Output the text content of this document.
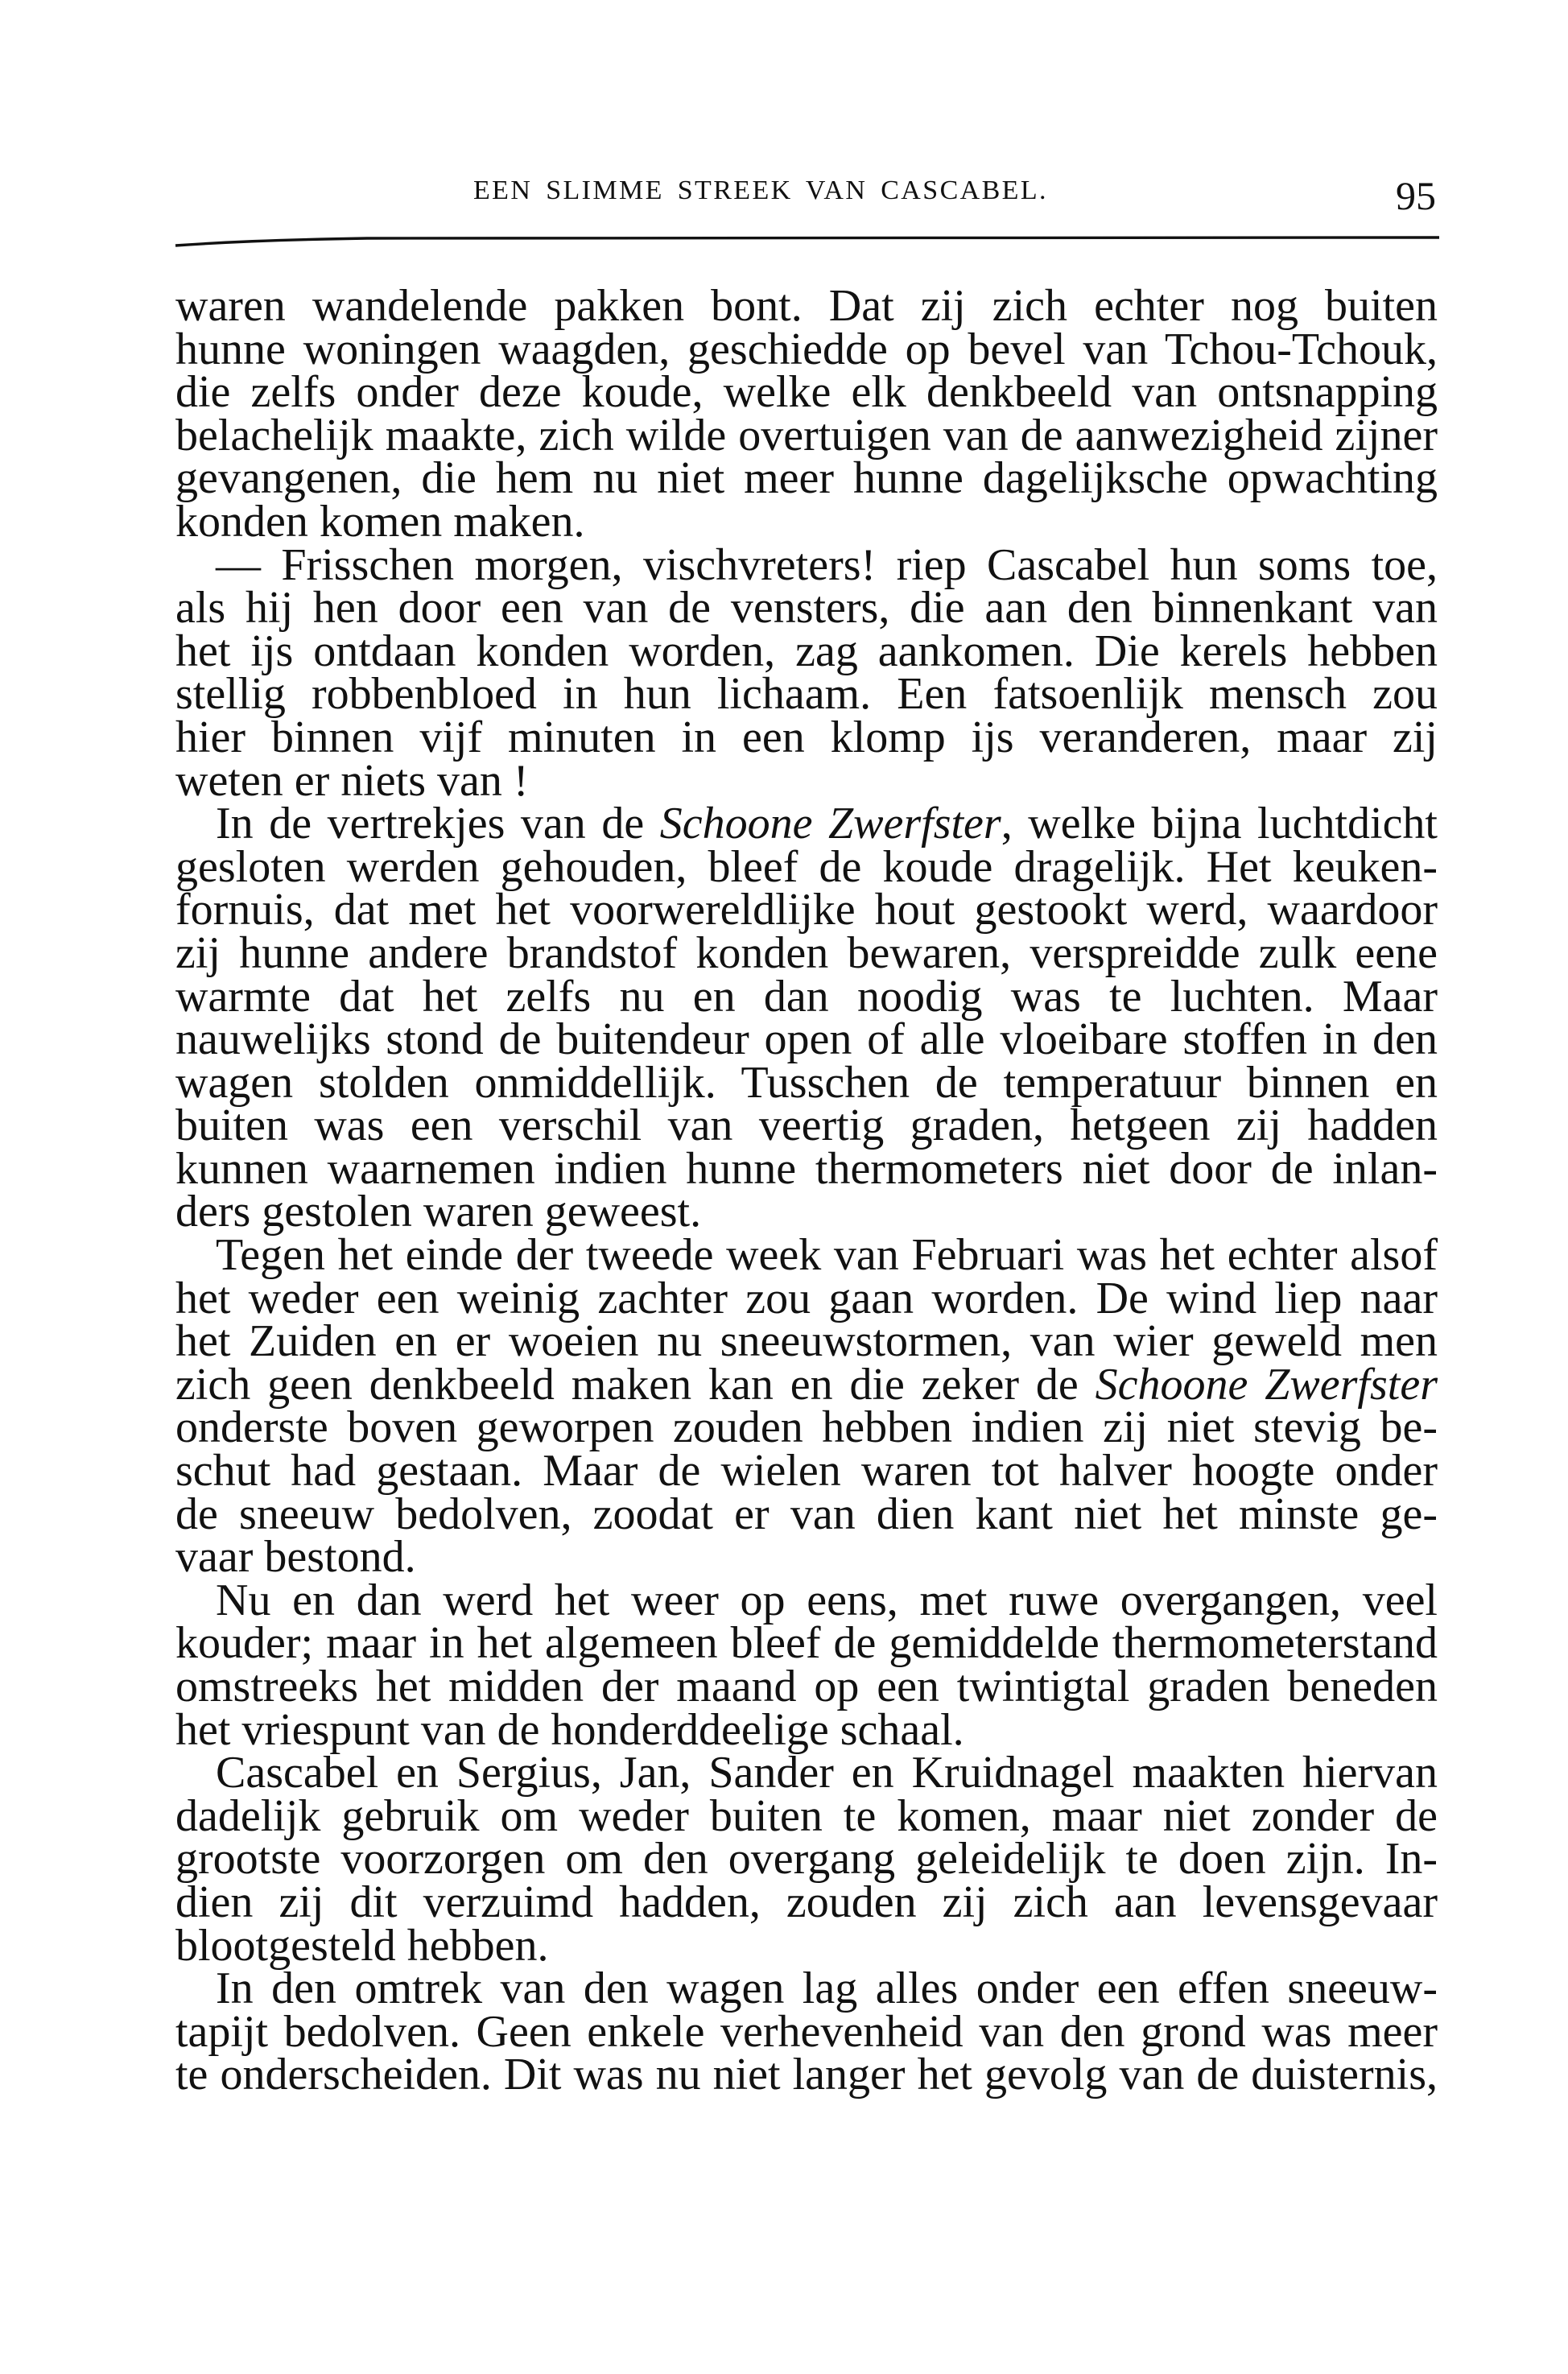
EEN SLIMME STREEK VAN CASCABEL.	95
waren wandelende pakken bont. Dat zij zich echter nog buiten
hunne woningen waagden, geschiedde op bevel van Tchou-Tchouk,
die zelfs onder deze koude, welke elk denkbeeld van ontsnapping
belachelijk maakte, zich wilde overtuigen van de aanwezigheid zijner
gevangenen, die hem nu niet meer hunne dagelijksche opwachting
konden komen maken.
— Frisschen morgen, vischvreters! riep Cascabel hun soms toe,
als hij hen door een van de vensters, die aan den binnenkant van
het ijs ontdaan konden worden, zag aankomen. Die kerels hebben
stellig robbenbloed in hun lichaam. Een fatsoenlijk mensch zou
hier binnen vijf minuten in een klomp ijs veranderen, maar zij
weten er niets van !
In de vertrekjes van de Schoone Zwerfster, welke bijna luchtdicht
gesloten werden gehouden, bleef de koude dragelijk. Het keuken-
fornuis, dat met het voorwereldlijke hout gestookt werd, waardoor
zij hunne andere brandstof konden bewaren, verspreidde zulk eene
warmte dat het zelfs nu en dan noodig was te luchten. Maar
nauwelijks stond de buitendeur open of alle vloeibare stoffen in den
wagen stolden onmiddellijk. Tusschen de temperatuur binnen en
buiten was een verschil van veertig graden, hetgeen zij hadden
kunnen waarnemen indien hunne thermometers niet door de inlan-
ders gestolen waren geweest.
Tegen het einde der tweede week van Februari was het echter alsof
het weder een weinig zachter zou gaan worden. De wind liep naar
het Zuiden en er woeien nu sneeuwstormen, van wier geweld men
zich geen denkbeeld maken kan en die zeker de Schoone Zwerfster
onderste boven geworpen zouden hebben indien zij niet stevig be-
schut had gestaan. Maar de wielen waren tot halver hoogte onder
de sneeuw bedolven, zoodat er van dien kant niet het minste ge-
vaar bestond.
Nu en dan werd het weer op eens, met ruwe overgangen, veel
kouder; maar in het algemeen bleef de gemiddelde thermometerstand
omstreeks het midden der maand op een twintigtal graden beneden
het vriespunt van de honderddeelige schaal.
Cascabel en Sergius, Jan, Sander en Kruidnagel maakten hiervan
dadelijk gebruik om weder buiten te komen, maar niet zonder de
grootste voorzorgen om den overgang geleidelijk te doen zijn. In-
dien zij dit verzuimd hadden, zouden zij zich aan levensgevaar
blootgesteld hebben.
In den omtrek van den wagen lag alles onder een effen sneeuw-
tapijt bedolven. Geen enkele verhevenheid van den grond was meer
te onderscheiden. Dit was nu niet langer het gevolg van de duisternis,
